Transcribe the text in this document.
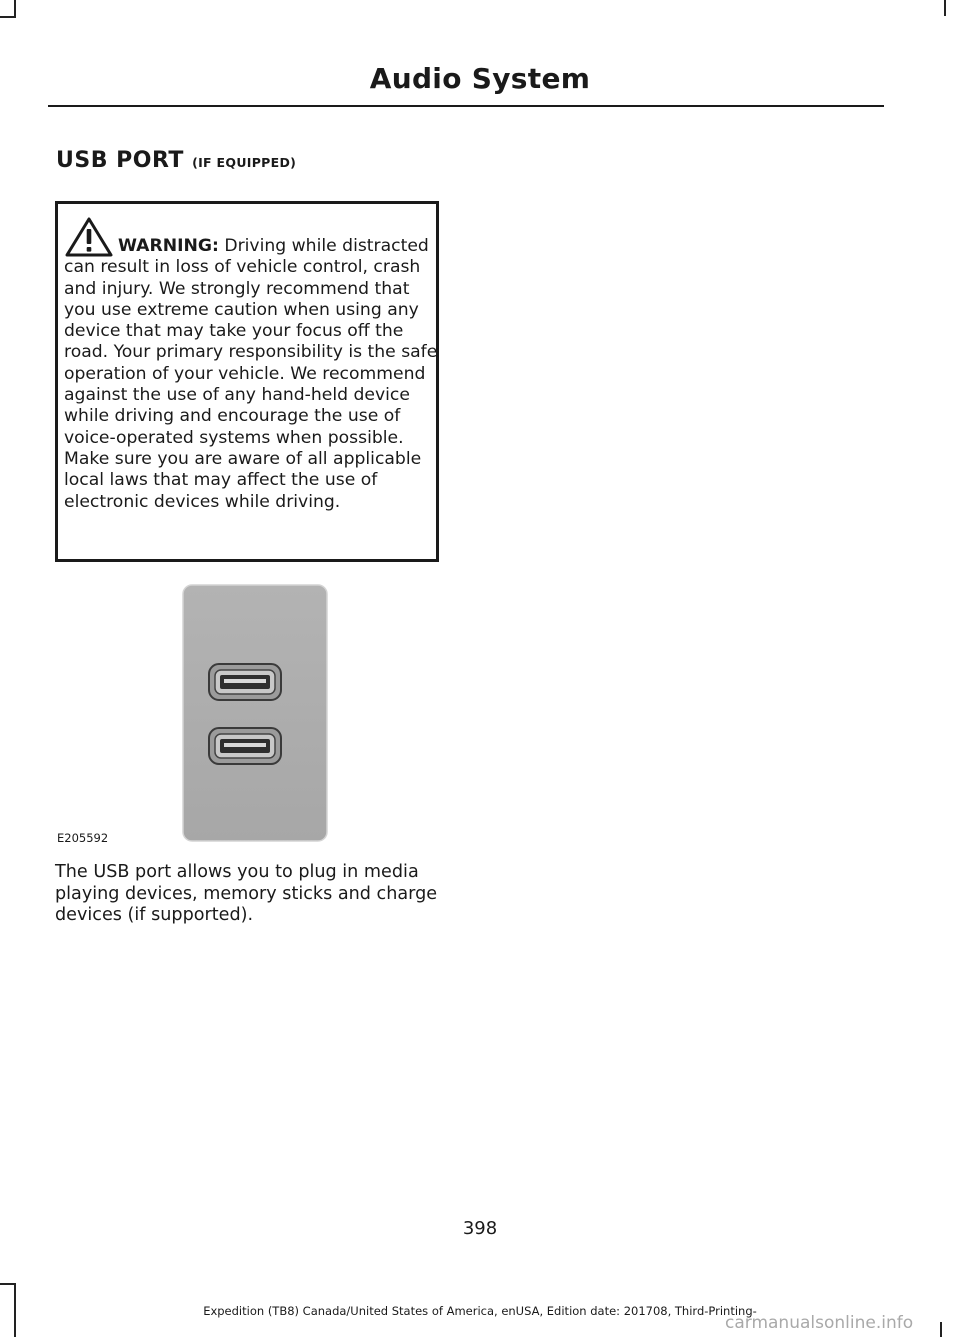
Audio System
USB PORT (IF EQUIPPED)

WARNING: Driving while distracted can result in loss of vehicle control, crash and injury. We strongly recommend that you use extreme caution when using any device that may take your focus off the road. Your primary responsibility is the safe operation of your vehicle. We recommend against the use of any hand-held device while driving and encourage the use of voice-operated systems when possible. Make sure you are aware of all applicable local laws that may affect the use of electronic devices while driving.

E205592

The USB port allows you to plug in media playing devices, memory sticks and charge devices (if supported).

398
Expedition (TB8) Canada/United States of America, enUSA, Edition date: 201708, Third-Printing-
carmanualsonline.info
